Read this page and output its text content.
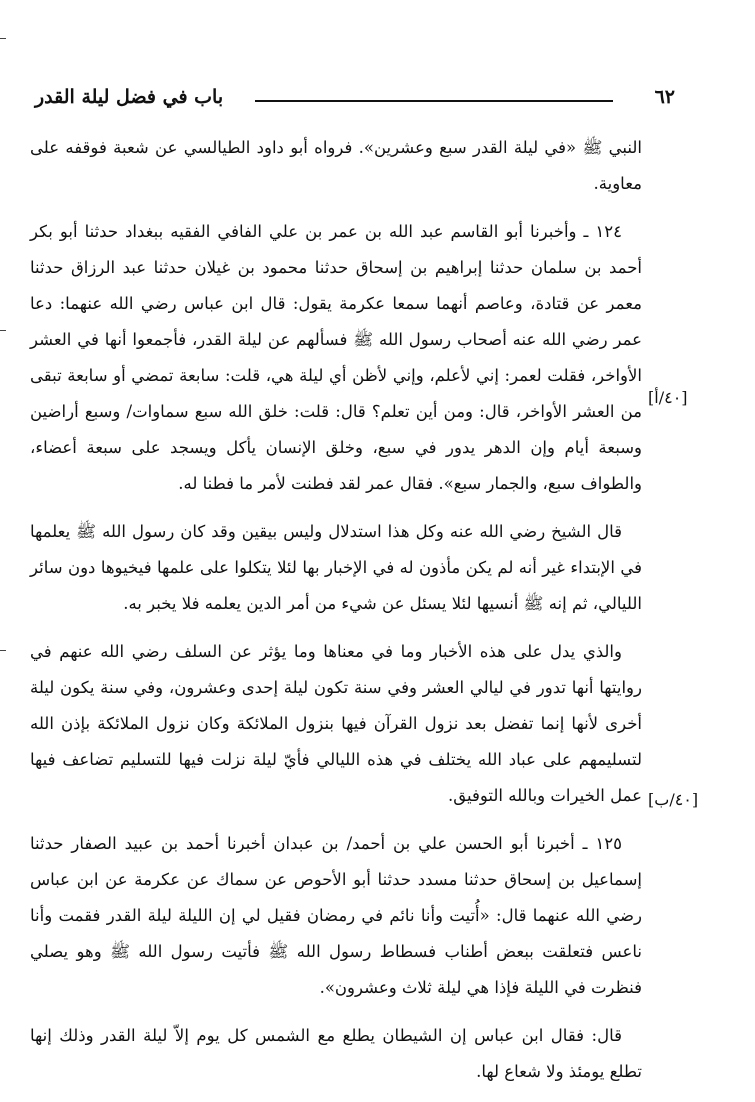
باب في فضل ليلة القدر	٦٢
[٤٠/أ]
[٤٠/ب]
النبي ﷺ «في ليلة القدر سبع وعشرين». فرواه أبو داود الطيالسي عن شعبة فوقفه على معاوية.
١٢٤ ـ وأخبرنا أبو القاسم عبد الله بن عمر بن علي الفافي الفقيه ببغداد حدثنا أبو بكر أحمد بن سلمان حدثنا إبراهيم بن إسحاق حدثنا محمود بن غيلان حدثنا عبد الرزاق حدثنا معمر عن قتادة، وعاصم أنهما سمعا عكرمة يقول: قال ابن عباس رضي الله عنهما: دعا عمر رضي الله عنه أصحاب رسول الله ﷺ فسألهم عن ليلة القدر، فأجمعوا أنها في العشر الأواخر، فقلت لعمر: إني لأعلم، وإني لأظن أي ليلة هي، قلت: سابعة تمضي أو سابعة تبقى من العشر الأواخر، قال: ومن أين تعلم؟ قال: قلت: خلق الله سبع سماوات/ وسبع أراضين وسبعة أيام وإن الدهر يدور في سبع، وخلق الإنسان يأكل ويسجد على سبعة أعضاء، والطواف سبع، والجمار سبع». فقال عمر لقد فطنت لأمر ما فطنا له.
قال الشيخ رضي الله عنه وكل هذا استدلال وليس بيقين وقد كان رسول الله ﷺ يعلمها في الإبتداء غير أنه لم يكن مأذون له في الإخبار بها لئلا يتكلوا على علمها فيخيوها دون سائر الليالي، ثم إنه ﷺ أنسيها لئلا يسئل عن شيء من أمر الدين يعلمه فلا يخبر به.
والذي يدل على هذه الأخبار وما في معناها وما يؤثر عن السلف رضي الله عنهم في روايتها أنها تدور في ليالي العشر وفي سنة تكون ليلة إحدى وعشرون، وفي سنة يكون ليلة أخرى لأنها إنما تفضل بعد نزول القرآن فيها بنزول الملائكة وكان نزول الملائكة بإذن الله لتسليمهم على عباد الله يختلف في هذه الليالي فأيّ ليلة نزلت فيها للتسليم تضاعف فيها عمل الخيرات وبالله التوفيق.
١٢٥ ـ أخبرنا أبو الحسن علي بن أحمد/ بن عبدان أخبرنا أحمد بن عبيد الصفار حدثنا إسماعيل بن إسحاق حدثنا مسدد حدثنا أبو الأحوص عن سماك عن عكرمة عن ابن عباس رضي الله عنهما قال: «أُتيت وأنا نائم في رمضان فقيل لي إن الليلة ليلة القدر فقمت وأنا ناعس فتعلقت ببعض أطناب فسطاط رسول الله ﷺ فأتيت رسول الله ﷺ وهو يصلي فنظرت في الليلة فإذا هي ليلة ثلاث وعشرون».
قال: فقال ابن عباس إن الشيطان يطلع مع الشمس كل يوم إلاّ ليلة القدر وذلك إنها تطلع يومئذ ولا شعاع لها.
